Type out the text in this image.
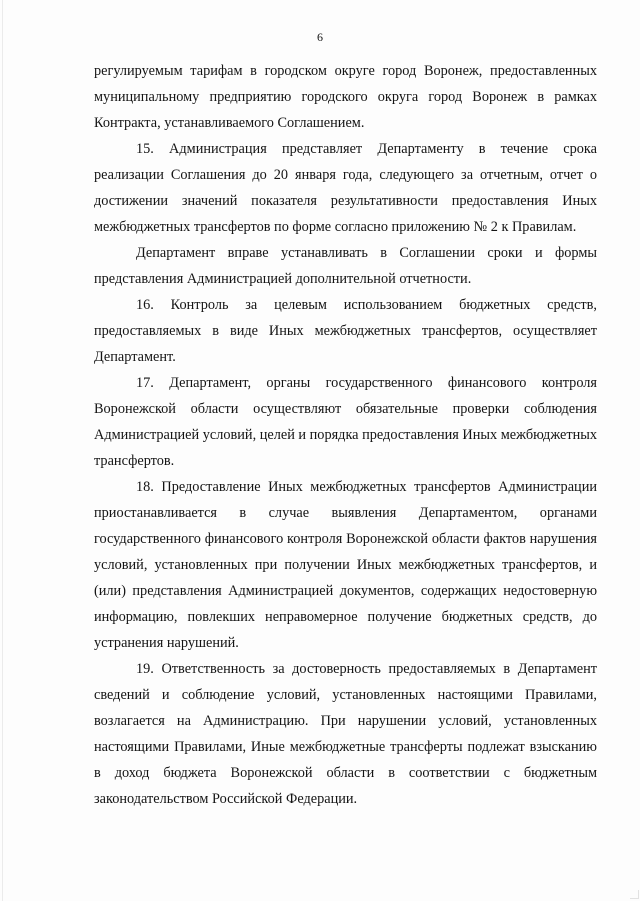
6

регулируемым тарифам в городском округе город Воронеж, предоставленных муниципальному предприятию городского округа город Воронеж в рамках Контракта, устанавливаемого Соглашением.

15. Администрация представляет Департаменту в течение срока реализации Соглашения до 20 января года, следующего за отчетным, отчет о достижении значений показателя результативности предоставления Иных межбюджетных трансфертов по форме согласно приложению № 2 к Правилам.

Департамент вправе устанавливать в Соглашении сроки и формы представления Администрацией дополнительной отчетности.

16. Контроль за целевым использованием бюджетных средств, предоставляемых в виде Иных межбюджетных трансфертов, осуществляет Департамент.

17. Департамент, органы государственного финансового контроля Воронежской области осуществляют обязательные проверки соблюдения Администрацией условий, целей и порядка предоставления Иных межбюджетных трансфертов.

18. Предоставление Иных межбюджетных трансфертов Администрации приостанавливается в случае выявления Департаментом, органами государственного финансового контроля Воронежской области фактов нарушения условий, установленных при получении Иных межбюджетных трансфертов, и (или) представления Администрацией документов, содержащих недостоверную информацию, повлекших неправомерное получение бюджетных средств, до устранения нарушений.

19. Ответственность за достоверность предоставляемых в Департамент сведений и соблюдение условий, установленных настоящими Правилами, возлагается на Администрацию. При нарушении условий, установленных настоящими Правилами, Иные межбюджетные трансферты подлежат взысканию в доход бюджета Воронежской области в соответствии с бюджетным законодательством Российской Федерации.
